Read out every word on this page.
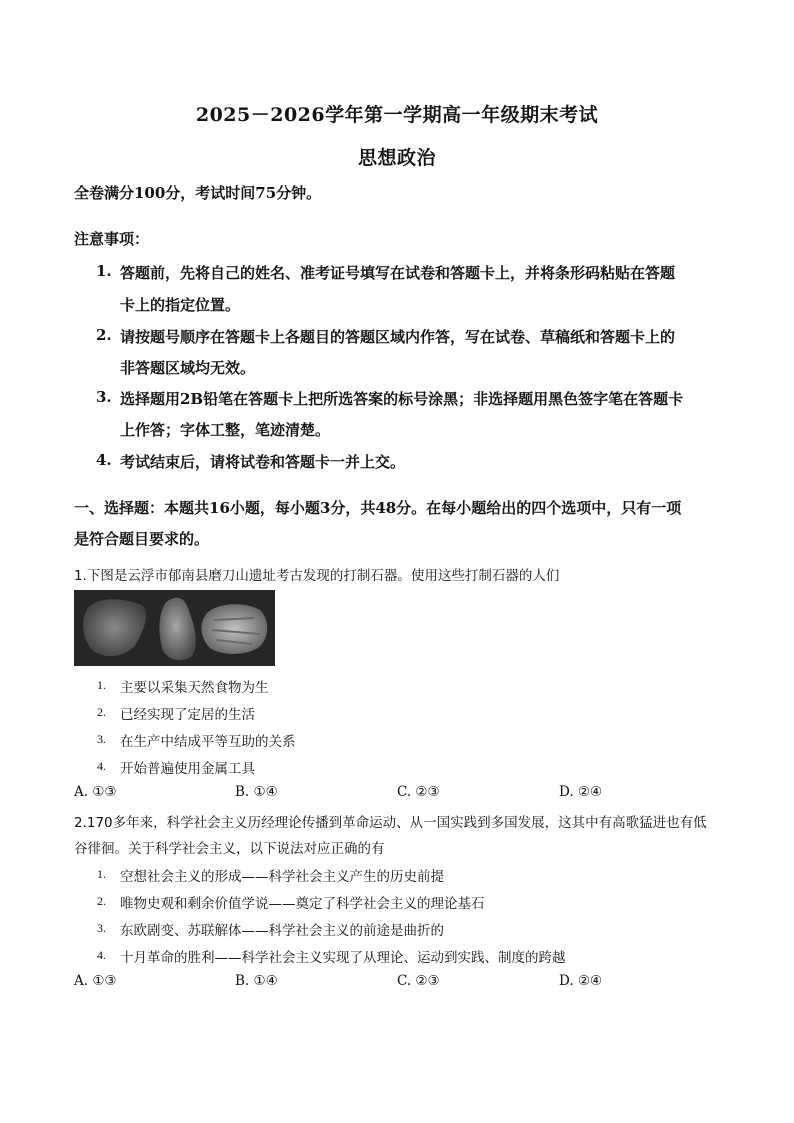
2025－2026学年第一学期高一年级期末考试
思想政治
全卷满分100分，考试时间75分钟。
注意事项：
1. 答题前，先将自己的姓名、准考证号填写在试卷和答题卡上，并将条形码粘贴在答题
卡上的指定位置。
2. 请按题号顺序在答题卡上各题目的答题区域内作答，写在试卷、草稿纸和答题卡上的
非答题区域均无效。
3. 选择题用2B铅笔在答题卡上把所选答案的标号涂黑；非选择题用黑色签字笔在答题卡
上作答；字体工整，笔迹清楚。
4. 考试结束后，请将试卷和答题卡一并上交。
一、选择题：本题共16小题，每小题3分，共48分。在每小题给出的四个选项中，只有一项
是符合题目要求的。
1.下图是云浮市郁南县磨刀山遗址考古发现的打制石器。使用这些打制石器的人们
1. 主要以采集天然食物为生
2. 已经实现了定居的生活
3. 在生产中结成平等互助的关系
4. 开始普遍使用金属工具
A. ①③	B. ①④	C. ②③	D. ②④
2.170多年来，科学社会主义历经理论传播到革命运动、从一国实践到多国发展，这其中有高歌猛进也有低
谷徘徊。关于科学社会主义，以下说法对应正确的有
1. 空想社会主义的形成——科学社会主义产生的历史前提
2. 唯物史观和剩余价值学说——奠定了科学社会主义的理论基石
3. 东欧剧变、苏联解体——科学社会主义的前途是曲折的
4. 十月革命的胜利——科学社会主义实现了从理论、运动到实践、制度的跨越
A. ①③	B. ①④	C. ②③	D. ②④
